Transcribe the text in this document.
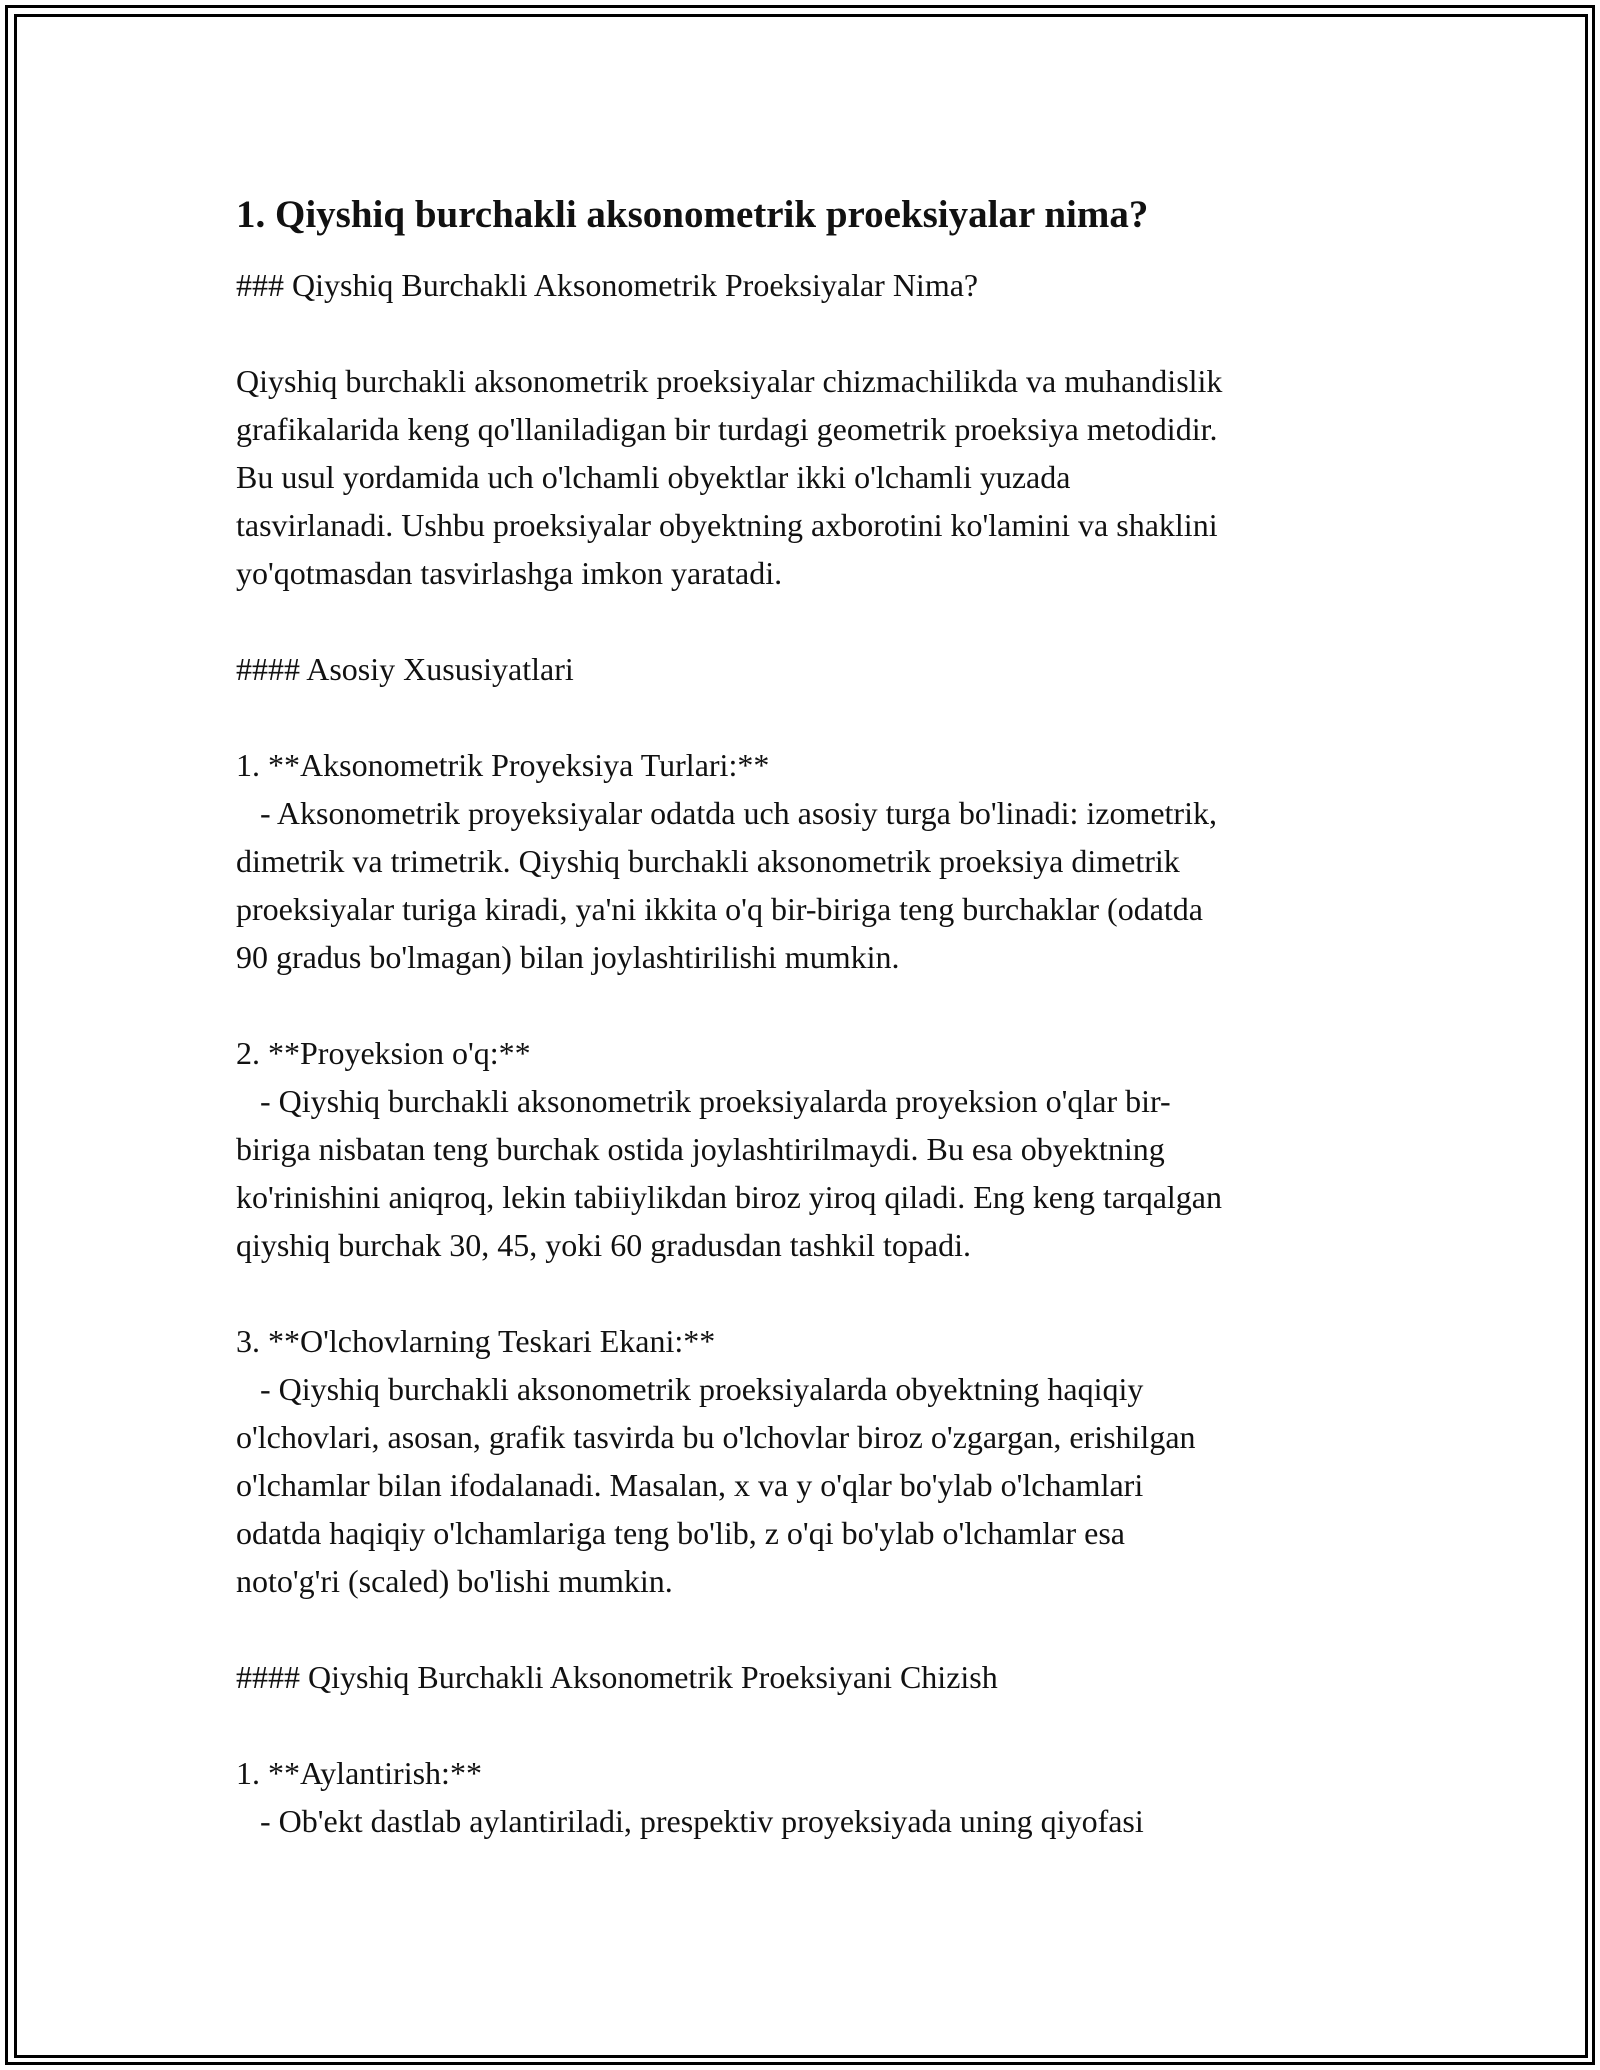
1. Qiyshiq burchakli aksonometrik proeksiyalar nima?

### Qiyshiq Burchakli Aksonometrik Proeksiyalar Nima?

Qiyshiq burchakli aksonometrik proeksiyalar chizmachilikda va muhandislik

grafikalarida keng qo'llaniladigan bir turdagi geometrik proeksiya metodidir.

Bu usul yordamida uch o'lchamli obyektlar ikki o'lchamli yuzada

tasvirlanadi. Ushbu proeksiyalar obyektning axborotini ko'lamini va shaklini

yo'qotmasdan tasvirlashga imkon yaratadi.

#### Asosiy Xususiyatlari

1. **Aksonometrik Proyeksiya Turlari:**

- Aksonometrik proyeksiyalar odatda uch asosiy turga bo'linadi: izometrik,

dimetrik va trimetrik. Qiyshiq burchakli aksonometrik proeksiya dimetrik

proeksiyalar turiga kiradi, ya'ni ikkita o'q bir-biriga teng burchaklar (odatda

90 gradus bo'lmagan) bilan joylashtirilishi mumkin.

2. **Proyeksion o'q:**

- Qiyshiq burchakli aksonometrik proeksiyalarda proyeksion o'qlar bir-

biriga nisbatan teng burchak ostida joylashtirilmaydi. Bu esa obyektning

ko'rinishini aniqroq, lekin tabiiylikdan biroz yiroq qiladi. Eng keng tarqalgan

qiyshiq burchak 30, 45, yoki 60 gradusdan tashkil topadi.

3. **O'lchovlarning Teskari Ekani:**

- Qiyshiq burchakli aksonometrik proeksiyalarda obyektning haqiqiy

o'lchovlari, asosan, grafik tasvirda bu o'lchovlar biroz o'zgargan, erishilgan

o'lchamlar bilan ifodalanadi. Masalan, x va y o'qlar bo'ylab o'lchamlari

odatda haqiqiy o'lchamlariga teng bo'lib, z o'qi bo'ylab o'lchamlar esa

noto'g'ri (scaled) bo'lishi mumkin.

#### Qiyshiq Burchakli Aksonometrik Proeksiyani Chizish

1. **Aylantirish:**

- Ob'ekt dastlab aylantiriladi, prespektiv proyeksiyada uning qiyofasi
